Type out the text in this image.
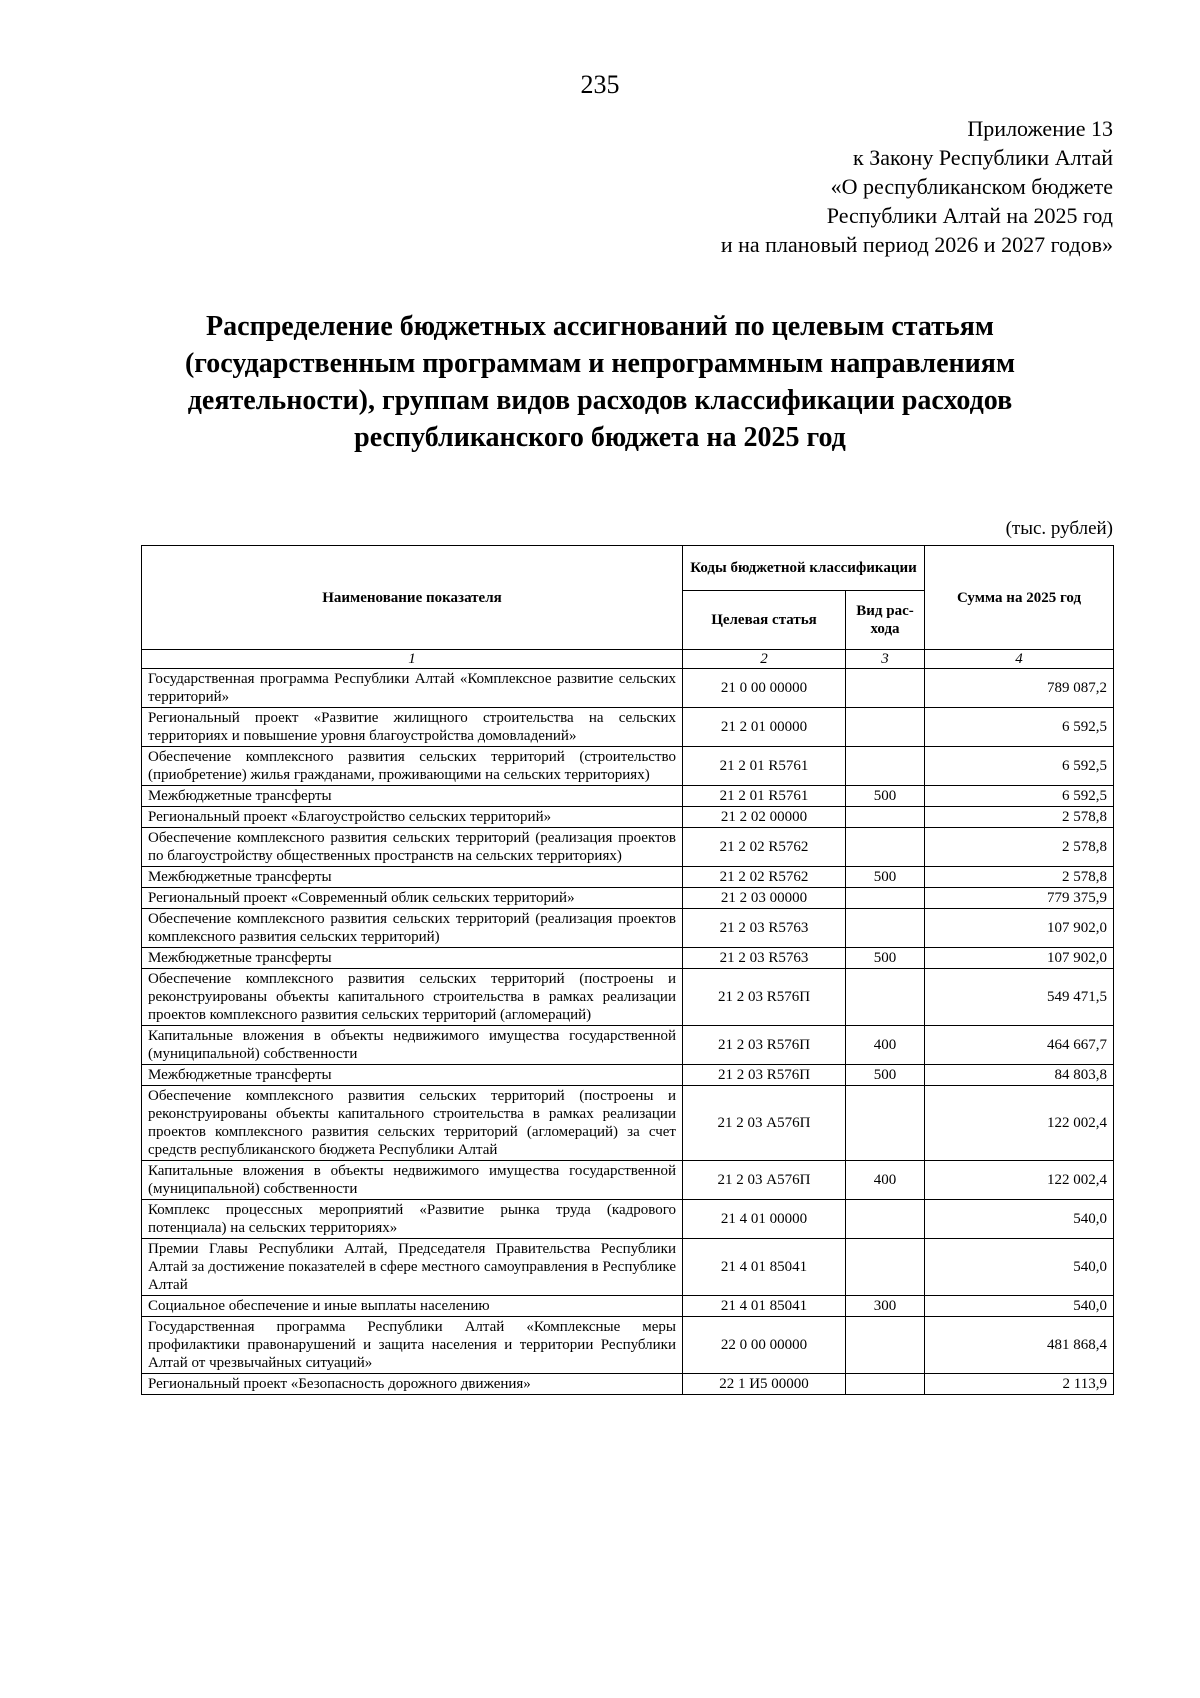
235
Приложение 13
к Закону Республики Алтай
«О республиканском бюджете
Республики Алтай на 2025 год
и на плановый период 2026 и 2027 годов»
Распределение бюджетных ассигнований по целевым статьям
(государственным программам и непрограммным направлениям
деятельности), группам видов расходов классификации расходов
республиканского бюджета на 2025 год
(тыс. рублей)
Наименование показателя	Коды бюджетной классификации		Сумма на 2025 год
	Целевая статья	Вид рас-хода	
1	2	3	4
Государственная программа Республики Алтай «Комплексное развитие сельских территорий»	21 0 00 00000		789 087,2
Региональный проект «Развитие жилищного строительства на сельских территориях и повышение уровня благоустройства домовладений»	21 2 01 00000		6 592,5
Обеспечение комплексного развития сельских территорий (строительство (приобретение) жилья гражданами, проживающими на сельских территориях)	21 2 01 R5761		6 592,5
Межбюджетные трансферты	21 2 01 R5761	500	6 592,5
Региональный проект «Благоустройство сельских территорий»	21 2 02 00000		2 578,8
Обеспечение комплексного развития сельских территорий (реализация проектов по благоустройству общественных пространств на сельских территориях)	21 2 02 R5762		2 578,8
Межбюджетные трансферты	21 2 02 R5762	500	2 578,8
Региональный проект «Современный облик сельских территорий»	21 2 03 00000		779 375,9
Обеспечение комплексного развития сельских территорий (реализация проектов комплексного развития сельских территорий)	21 2 03 R5763		107 902,0
Межбюджетные трансферты	21 2 03 R5763	500	107 902,0
Обеспечение комплексного развития сельских территорий (построены и реконструированы объекты капитального строительства в рамках реализации проектов комплексного развития сельских территорий (агломераций)	21 2 03 R576П		549 471,5
Капитальные вложения в объекты недвижимого имущества государственной (муниципальной) собственности	21 2 03 R576П	400	464 667,7
Межбюджетные трансферты	21 2 03 R576П	500	84 803,8
Обеспечение комплексного развития сельских территорий (построены и реконструированы объекты капитального строительства в рамках реализации проектов комплексного развития сельских территорий (агломераций) за счет средств республиканского бюджета Республики Алтай	21 2 03 А576П		122 002,4
Капитальные вложения в объекты недвижимого имущества государственной (муниципальной) собственности	21 2 03 А576П	400	122 002,4
Комплекс процессных мероприятий «Развитие рынка труда (кадрового потенциала) на сельских территориях»	21 4 01 00000		540,0
Премии Главы Республики Алтай, Председателя Правительства Республики Алтай за достижение показателей в сфере местного самоуправления в Республике Алтай	21 4 01 85041		540,0
Социальное обеспечение и иные выплаты населению	21 4 01 85041	300	540,0
Государственная программа Республики Алтай «Комплексные меры профилактики правонарушений и защита населения и территории Республики Алтай от чрезвычайных ситуаций»	22 0 00 00000		481 868,4
Региональный проект «Безопасность дорожного движения»	22 1 И5 00000		2 113,9
